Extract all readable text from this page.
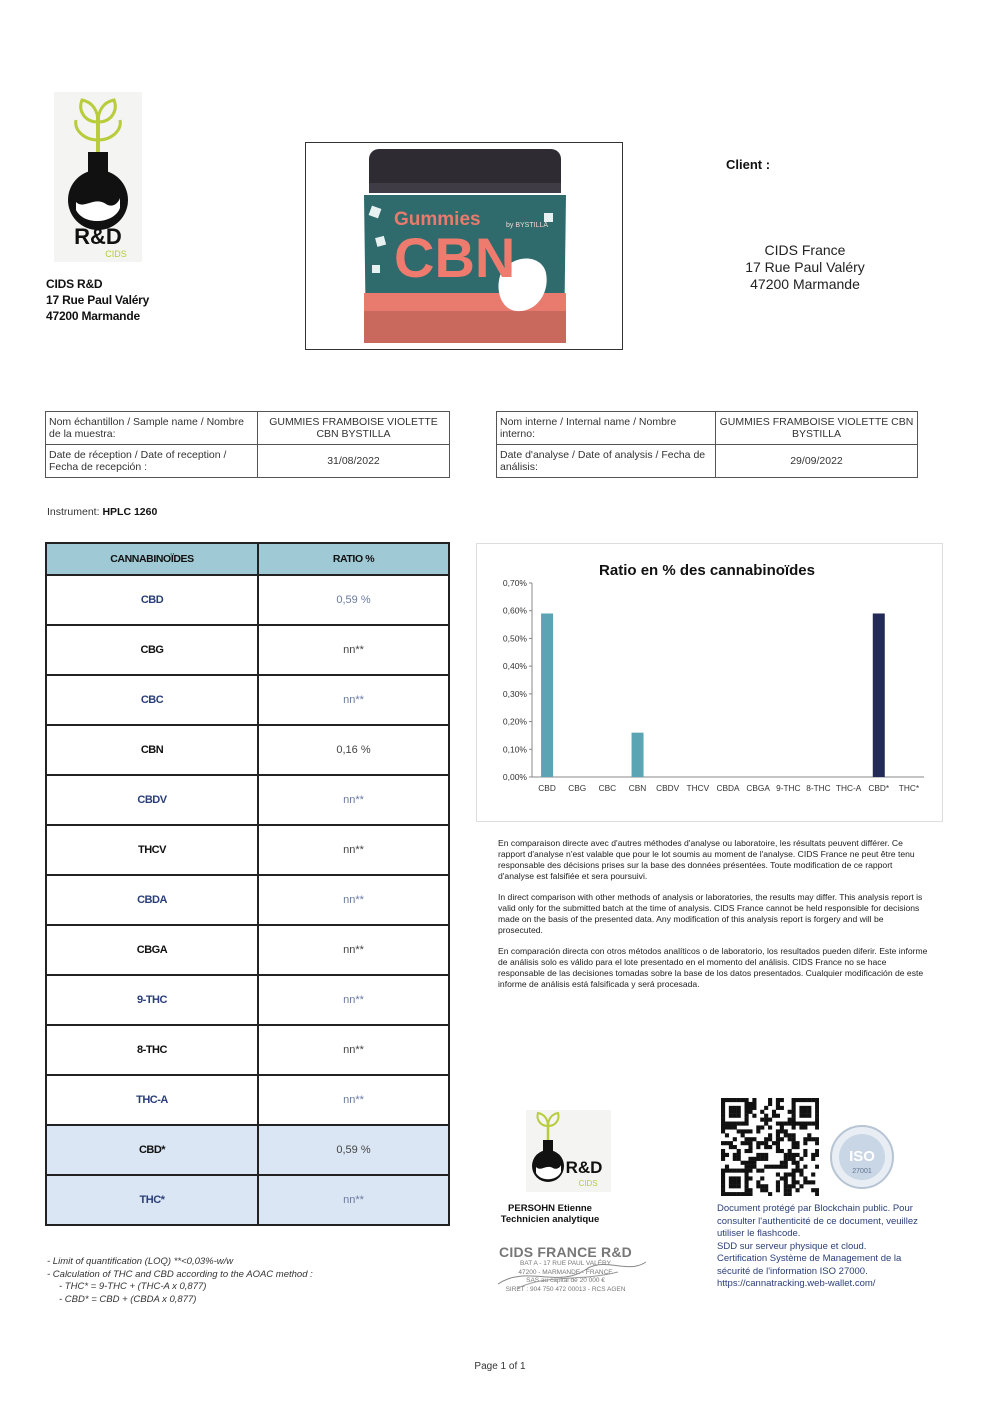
R&D
CIDS
CIDS R&D
17 Rue Paul Valéry
47200 Marmande
Gummies
CBN
by BYSTILLA
Client :
CIDS France
17 Rue Paul Valéry
47200 Marmande
Nom échantillon / Sample name / Nombre de la muestra:	GUMMIES FRAMBOISE VIOLETTE CBN BYSTILLA
Date de réception / Date of reception / Fecha de recepción :	31/08/2022
Nom interne / Internal name / Nombre interno:	GUMMIES FRAMBOISE VIOLETTE CBN BYSTILLA
Date d'analyse / Date of analysis / Fecha de análisis:	29/09/2022
Instrument: HPLC 1260
CANNABINOÏDES	RATIO %
CBD	0,59 %
CBG	nn**
CBC	nn**
CBN	0,16 %
CBDV	nn**
THCV	nn**
CBDA	nn**
CBGA	nn**
9-THC	nn**
8-THC	nn**
THC-A	nn**
CBD*	0,59 %
THC*	nn**
- Limit of quantification (LOQ) **<0,03%-w/w
- Calculation of THC and CBD according to the AOAC method :
- THC* = 9-THC + (THC-A x 0,877)
- CBD* = CBD + (CBDA x 0,877)
Ratio en % des cannabinoïdes
0,00%
0,10%
0,20%
0,30%
0,40%
0,50%
0,60%
0,70%
CBD CBG CBC CBN CBDV THCV CBDA CBGA 9-THC 8-THC THC-A CBD* THC*

En comparaison directe avec d'autres méthodes d'analyse ou laboratoire, les résultats peuvent différer. Ce rapport d'analyse n'est valable que pour le lot soumis au moment de l'analyse. CIDS France ne peut être tenu responsable des décisions prises sur la base des données présentées. Toute modification de ce rapport d'analyse est falsifiée et sera poursuivi.

In direct comparison with other methods of analysis or laboratories, the results may differ. This analysis report is valid only for the submitted batch at the time of analysis. CIDS France cannot be held responsible for decisions made on the basis of the presented data. Any modification of this analysis report is forgery and will be prosecuted.

En comparación directa con otros métodos analíticos o de laboratorio, los resultados pueden diferir. Este informe de análisis solo es válido para el lote presentado en el momento del análisis. CIDS France no se hace responsable de las decisiones tomadas sobre la base de los datos presentados. Cualquier modificación de este informe de análisis está falsificada y será procesada.

R&D
CIDS
PERSOHN Etienne
Technicien analytique
CIDS FRANCE R&D
BAT A - 17 RUE PAUL VALÉRY
47200 - MARMANDE - FRANCE
SAS au capital de 20 000 €
SIRET : 904 750 472 00013 - RCS AGEN
ISO
27001
Document protégé par Blockchain public. Pour
consulter l'authenticité de ce document, veuillez
utiliser le flashcode.
SDD sur serveur physique et cloud.
Certification Système de Management de la
sécurité de l'information ISO 27000.
https://cannatracking.web-wallet.com/
Page 1 of 1
